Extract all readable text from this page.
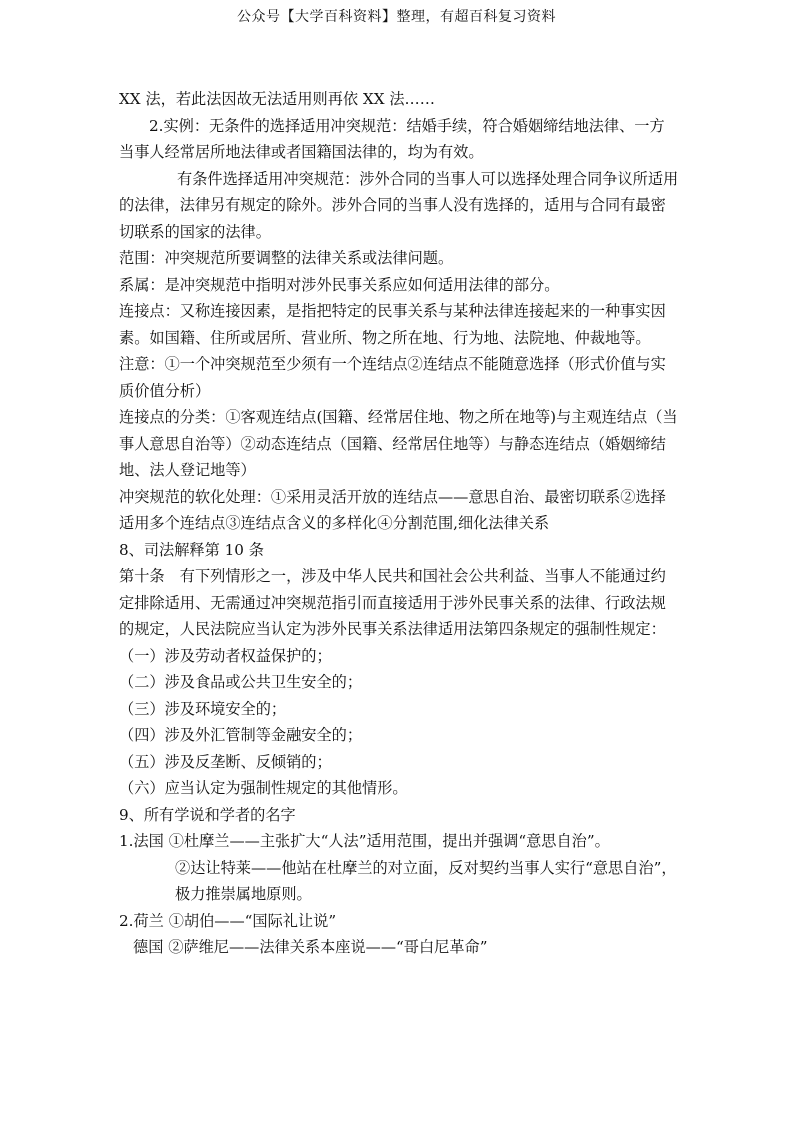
公众号【大学百科资料】整理，有超百科复习资料

XX 法，若此法因故无法适用则再依 XX 法……

2.实例：无条件的选择适用冲突规范：结婚手续，符合婚姻缔结地法律、一方当事人经常居所地法律或者国籍国法律的，均为有效。

有条件选择适用冲突规范：涉外合同的当事人可以选择处理合同争议所适用的法律，法律另有规定的除外。涉外合同的当事人没有选择的，适用与合同有最密切联系的国家的法律。

范围：冲突规范所要调整的法律关系或法律问题。

系属：是冲突规范中指明对涉外民事关系应如何适用法律的部分。

连接点：又称连接因素，是指把特定的民事关系与某种法律连接起来的一种事实因素。如国籍、住所或居所、营业所、物之所在地、行为地、法院地、仲裁地等。

注意：①一个冲突规范至少须有一个连结点②连结点不能随意选择（形式价值与实质价值分析）

连接点的分类：①客观连结点(国籍、经常居住地、物之所在地等)与主观连结点（当事人意思自治等）②动态连结点（国籍、经常居住地等）与静态连结点（婚姻缔结地、法人登记地等）

冲突规范的软化处理：①采用灵活开放的连结点——意思自治、最密切联系②选择适用多个连结点③连结点含义的多样化④分割范围,细化法律关系

8、司法解释第 10 条

第十条　有下列情形之一，涉及中华人民共和国社会公共利益、当事人不能通过约定排除适用、无需通过冲突规范指引而直接适用于涉外民事关系的法律、行政法规的规定，人民法院应当认定为涉外民事关系法律适用法第四条规定的强制性规定：

（一）涉及劳动者权益保护的；

（二）涉及食品或公共卫生安全的；

（三）涉及环境安全的；

（四）涉及外汇管制等金融安全的；

（五）涉及反垄断、反倾销的；

（六）应当认定为强制性规定的其他情形。

9、所有学说和学者的名字

1.法国 ①杜摩兰——主张扩大“人法”适用范围，提出并强调“意思自治”。

②达让特莱——他站在杜摩兰的对立面，反对契约当事人实行“意思自治”，极力推崇属地原则。

2.荷兰 ①胡伯——“国际礼让说”

德国 ②萨维尼——法律关系本座说——“哥白尼革命”
